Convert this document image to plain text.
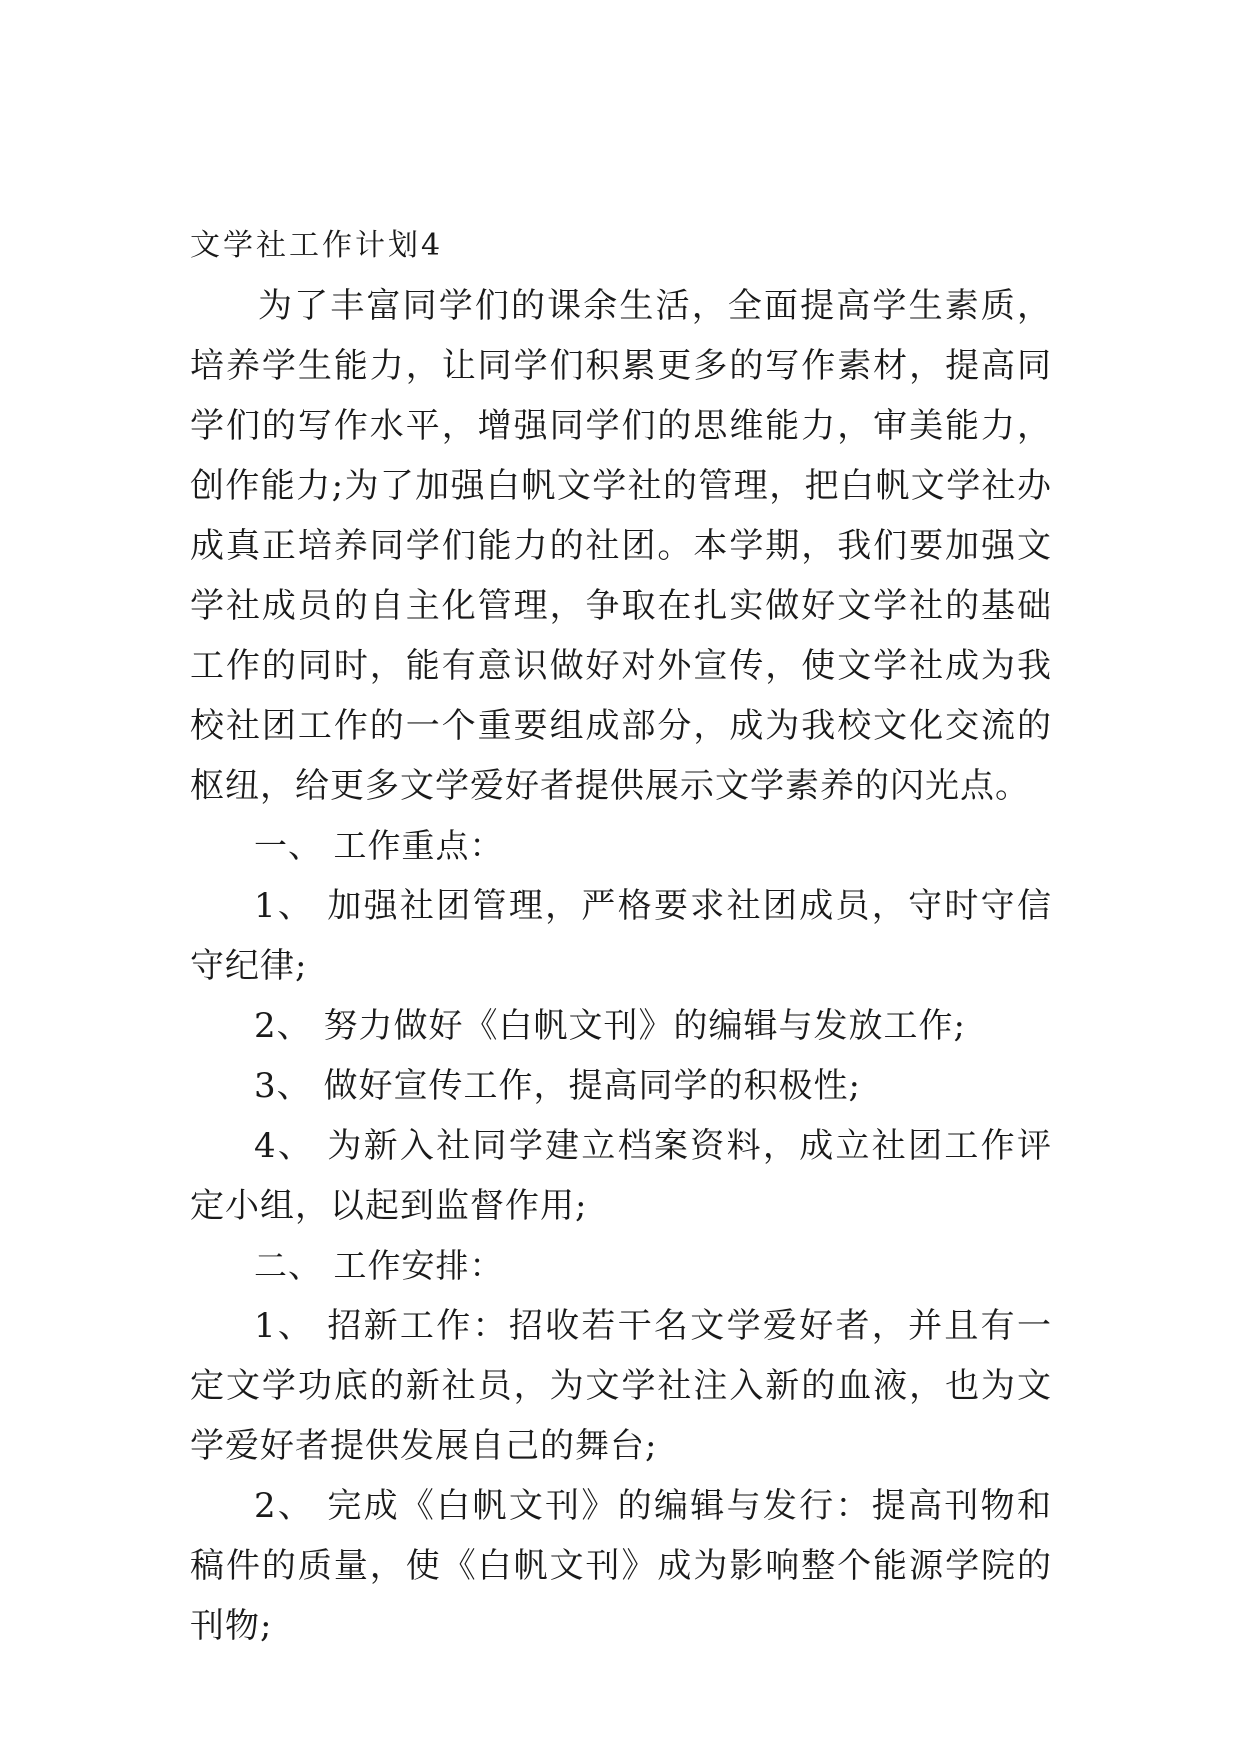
文学社工作计划4

为了丰富同学们的课余生活，全面提高学生素质，培养学生能力，让同学们积累更多的写作素材，提高同学们的写作水平，增强同学们的思维能力，审美能力，创作能力;为了加强白帆文学社的管理，把白帆文学社办成真正培养同学们能力的社团。本学期，我们要加强文学社成员的自主化管理，争取在扎实做好文学社的基础工作的同时，能有意识做好对外宣传，使文学社成为我校社团工作的一个重要组成部分，成为我校文化交流的枢纽，给更多文学爱好者提供展示文学素养的闪光点。

一、 工作重点：

1、 加强社团管理，严格要求社团成员，守时守信守纪律;

2、 努力做好《白帆文刊》的编辑与发放工作;

3、 做好宣传工作，提高同学的积极性;

4、 为新入社同学建立档案资料，成立社团工作评定小组，以起到监督作用;

二、 工作安排：

1、 招新工作：招收若干名文学爱好者，并且有一定文学功底的新社员，为文学社注入新的血液，也为文学爱好者提供发展自己的舞台;

2、 完成《白帆文刊》的编辑与发行：提高刊物和稿件的质量，使《白帆文刊》成为影响整个能源学院的刊物;
